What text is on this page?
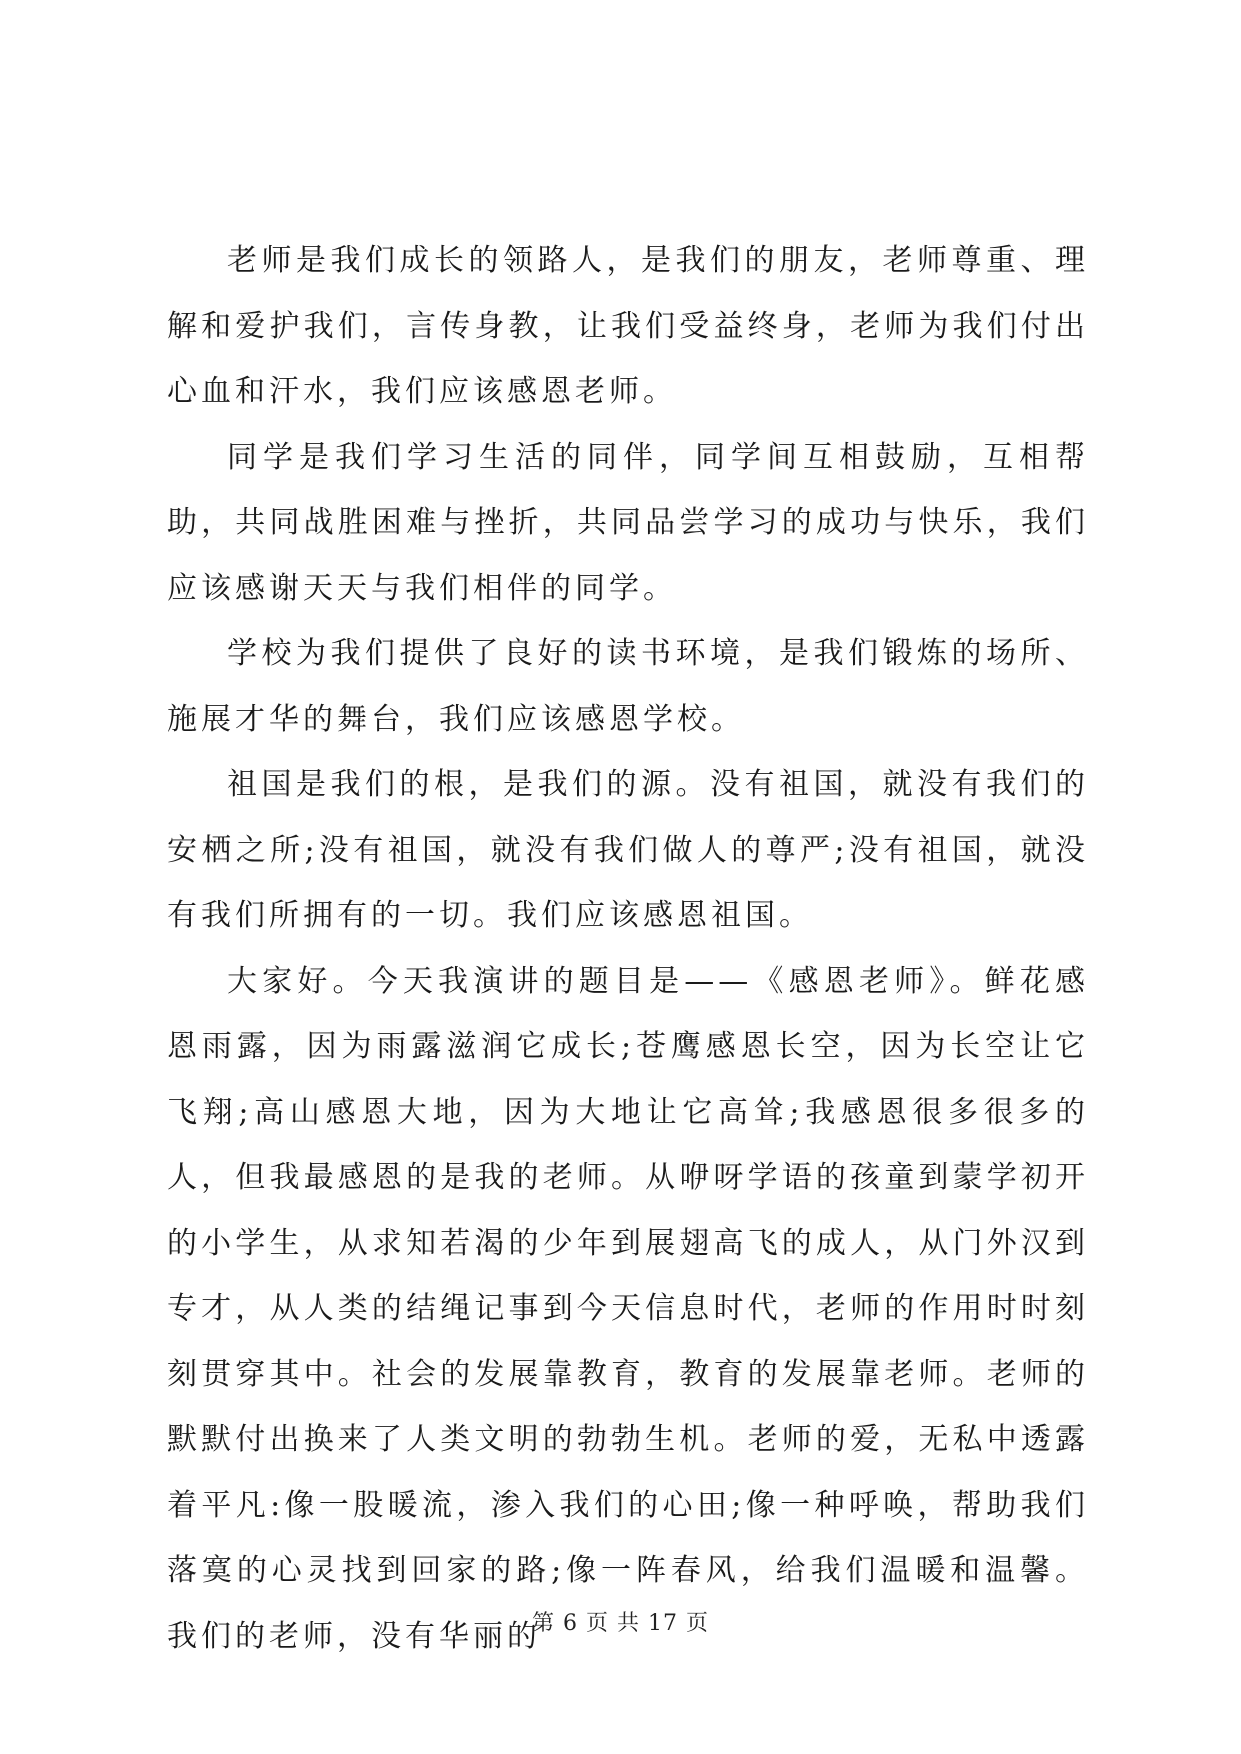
老师是我们成长的领路人，是我们的朋友，老师尊重、理解和爱护我们，言传身教，让我们受益终身，老师为我们付出心血和汗水，我们应该感恩老师。

同学是我们学习生活的同伴，同学间互相鼓励，互相帮助，共同战胜困难与挫折，共同品尝学习的成功与快乐，我们应该感谢天天与我们相伴的同学。

学校为我们提供了良好的读书环境，是我们锻炼的场所、施展才华的舞台，我们应该感恩学校。

祖国是我们的根，是我们的源。没有祖国，就没有我们的安栖之所;没有祖国，就没有我们做人的尊严;没有祖国，就没有我们所拥有的一切。我们应该感恩祖国。

大家好。今天我演讲的题目是——《感恩老师》。鲜花感恩雨露，因为雨露滋润它成长;苍鹰感恩长空，因为长空让它飞翔;高山感恩大地，因为大地让它高耸;我感恩很多很多的人，但我最感恩的是我的老师。从咿呀学语的孩童到蒙学初开的小学生，从求知若渴的少年到展翅高飞的成人，从门外汉到专才，从人类的结绳记事到今天信息时代，老师的作用时时刻刻贯穿其中。社会的发展靠教育，教育的发展靠老师。老师的默默付出换来了人类文明的勃勃生机。老师的爱，无私中透露着平凡:像一股暖流，渗入我们的心田;像一种呼唤，帮助我们落寞的心灵找到回家的路;像一阵春风，给我们温暖和温馨。我们的老师，没有华丽的

第 6 页 共 17 页
